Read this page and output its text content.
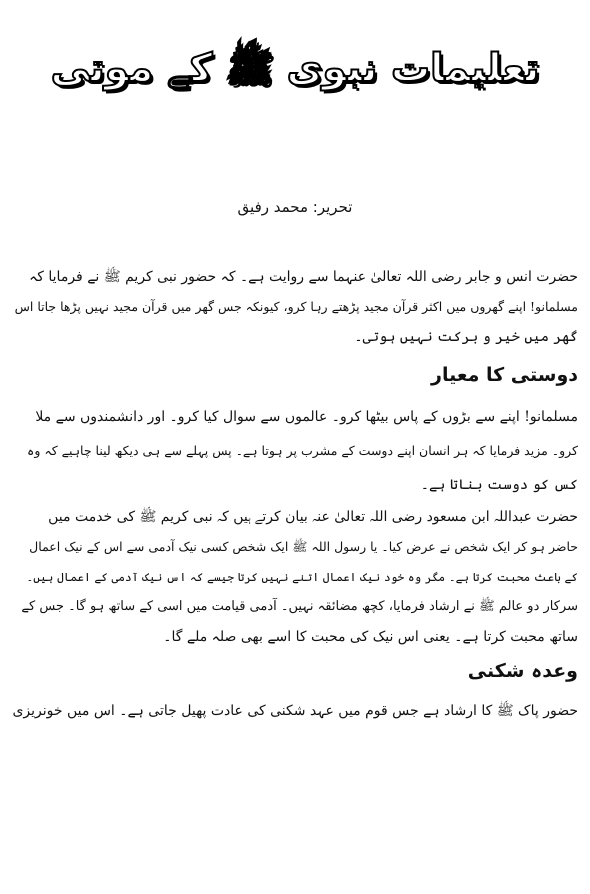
تعلیمات نبوی ﷺ کے موتی
تحریر: محمد رفیق

حضرت انس و جابر رضی اللہ تعالیٰ عنہما سے روایت ہے۔ کہ حضور نبی کریم ﷺ نے فرمایا کہ
مسلمانو! اپنے گھروں میں اکثر قرآن مجید پڑھتے رہا کرو، کیونکہ جس گھر میں قرآن مجید نہیں پڑھا جاتا اس
گھر میں خیر و برکت نہیں ہوتی۔

دوستی کا معیار

مسلمانو! اپنے سے بڑوں کے پاس بیٹھا کرو۔ عالموں سے سوال کیا کرو۔ اور دانشمندوں سے ملا
کرو۔ مزید فرمایا کہ ہر انسان اپنے دوست کے مشرب پر ہوتا ہے۔ پس پہلے سے ہی دیکھ لینا چاہیے کہ وہ
کس کو دوست بناتا ہے۔

حضرت عبداللہ ابن مسعود رضی اللہ تعالیٰ عنہ بیان کرتے ہیں کہ نبی کریم ﷺ کی خدمت میں
حاضر ہو کر ایک شخص نے عرض کیا۔ یا رسول اللہ ﷺ ایک شخص کسی نیک آدمی سے اس کے نیک اعمال
کے باعث محبت کرتا ہے۔ مگر وہ خود نیک اعمال اتنے نہیں کرتا جیسے کہ اس نیک آدمی کے اعمال ہیں۔
سرکار دو عالم ﷺ نے ارشاد فرمایا، کچھ مضائقہ نہیں۔ آدمی قیامت میں اسی کے ساتھ ہو گا۔ جس کے
ساتھ محبت کرتا ہے۔ یعنی اس نیک کی محبت کا اسے بھی صلہ ملے گا۔

وعدہ شکنی

حضور پاک ﷺ کا ارشاد ہے جس قوم میں عہد شکنی کی عادت پھیل جاتی ہے۔ اس میں خونریزی
